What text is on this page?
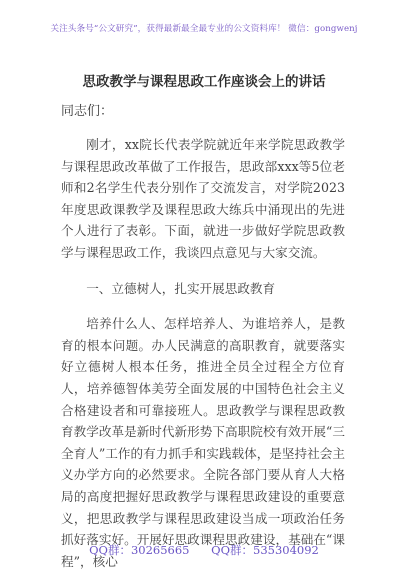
关注头条号“公文研究”，获得最新最全最专业的公文资料库！ 微信：gongwenj
思政教学与课程思政工作座谈会上的讲话
同志们：

刚才，xx院长代表学院就近年来学院思政教学与课程思政改革做了工作报告，思政部xxx等5位老师和2名学生代表分别作了交流发言，对学院2023年度思政课教学及课程思政大练兵中涌现出的先进个人进行了表彰。下面，就进一步做好学院思政教学与课程思政工作，我谈四点意见与大家交流。

一、立德树人，扎实开展思政教育

培养什么人、怎样培养人、为谁培养人，是教育的根本问题。办人民满意的高职教育，就要落实好立德树人根本任务，推进全员全过程全方位育人，培养德智体美劳全面发展的中国特色社会主义合格建设者和可靠接班人。思政教学与课程思政教育教学改革是新时代新形势下高职院校有效开展“三全育人”工作的有力抓手和实践载体，是坚持社会主义办学方向的必然要求。全院各部门要从育人大格局的高度把握好思政教学与课程思政建设的重要意义，把思政教学与课程思政建设当成一项政治任务抓好落实好。开展好思政课程思政建设，基础在“课程”，核心

QQ群：30265665 QQ群：535304092
